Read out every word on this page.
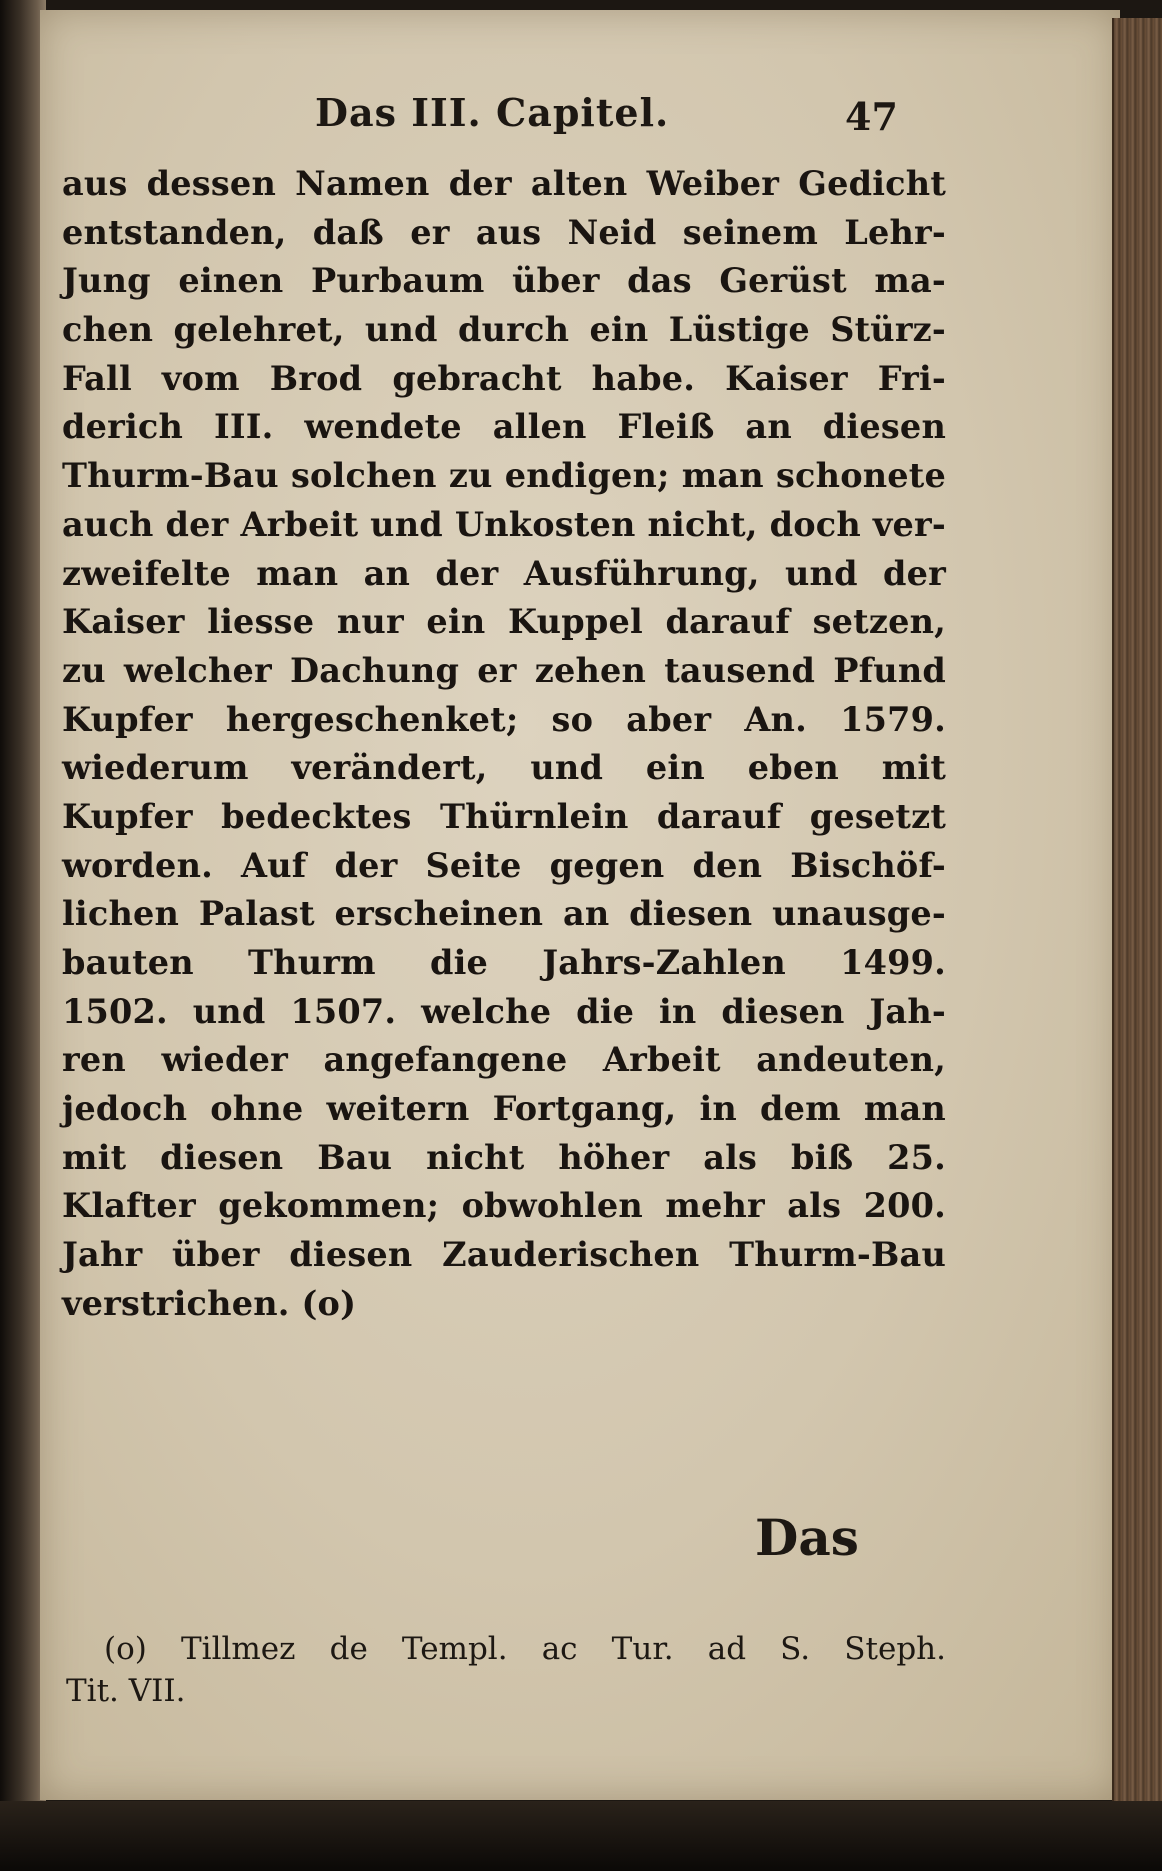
Das III. Capitel.	47
aus dessen Namen der alten Weiber Gedicht
entstanden, daß er aus Neid seinem Lehr-
Jung einen Purbaum über das Gerüst ma-
chen gelehret, und durch ein Lüstige Stürz-
Fall vom Brod gebracht habe. Kaiser Fri-
derich III. wendete allen Fleiß an diesen
Thurm-Bau solchen zu endigen; man schonete
auch der Arbeit und Unkosten nicht, doch ver-
zweifelte man an der Ausführung, und der
Kaiser liesse nur ein Kuppel darauf setzen,
zu welcher Dachung er zehen tausend Pfund
Kupfer hergeschenket; so aber An. 1579.
wiederum verändert, und ein eben mit
Kupfer bedecktes Thürnlein darauf gesetzt
worden. Auf der Seite gegen den Bischöf-
lichen Palast erscheinen an diesen unausge-
bauten Thurm die Jahrs-Zahlen 1499.
1502. und 1507. welche die in diesen Jah-
ren wieder angefangene Arbeit andeuten,
jedoch ohne weitern Fortgang, in dem man
mit diesen Bau nicht höher als biß 25.
Klafter gekommen; obwohlen mehr als 200.
Jahr über diesen Zauderischen Thurm-Bau
verstrichen. (o)
Das
(o) Tillmez de Templ. ac Tur. ad S. Steph.
Tit. VII.
